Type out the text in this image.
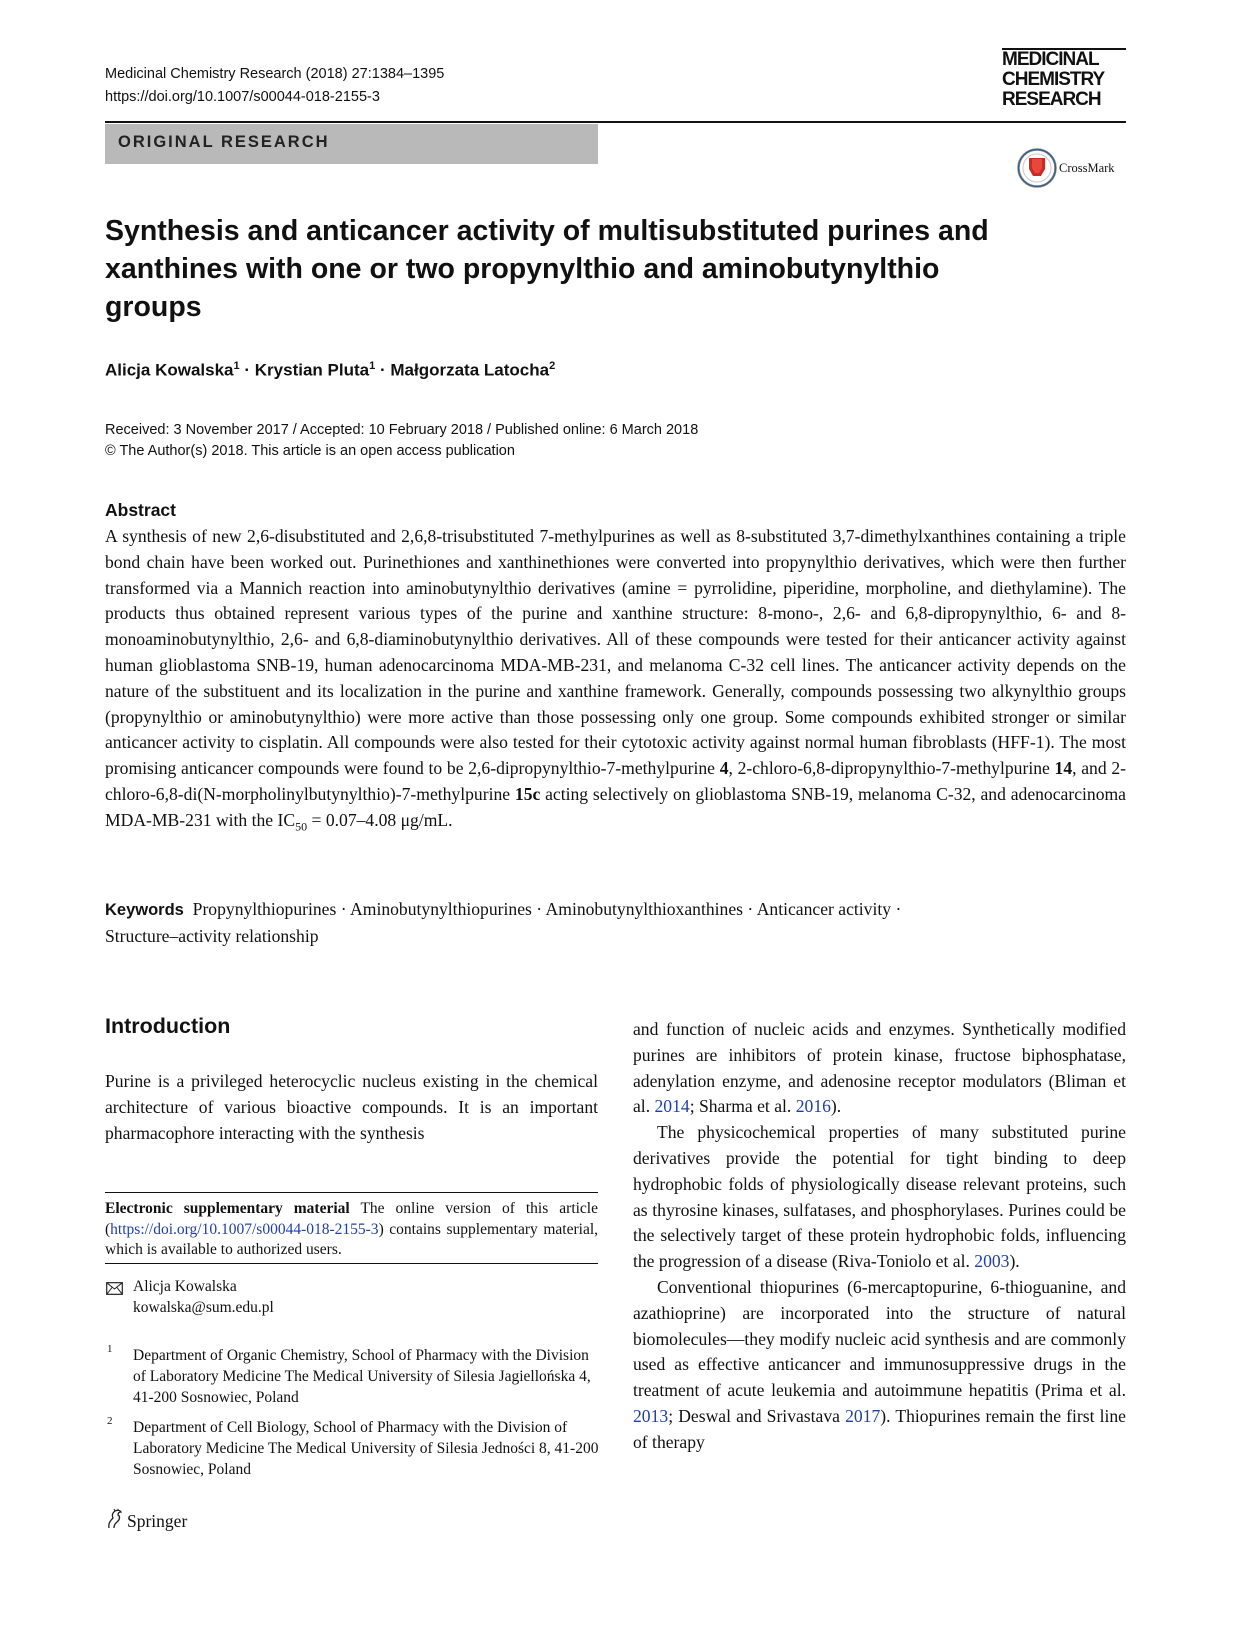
Medicinal Chemistry Research (2018) 27:1384–1395
https://doi.org/10.1007/s00044-018-2155-3
MEDICINAL
CHEMISTRY
RESEARCH
ORIGINAL RESEARCH
CrossMark
Synthesis and anticancer activity of multisubstituted purines and xanthines with one or two propynylthio and aminobutynylthio groups
Alicja Kowalska$^1$ · Krystian Pluta$^1$ · Małgorzata Latocha$^2$
Received: 3 November 2017 / Accepted: 10 February 2018 / Published online: 6 March 2018
© The Author(s) 2018. This article is an open access publication
Abstract
A synthesis of new 2,6-disubstituted and 2,6,8-trisubstituted 7-methylpurines as well as 8-substituted 3,7-dimethylxanthines containing a triple bond chain have been worked out. Purinethiones and xanthinethiones were converted into propynylthio derivatives, which were then further transformed via a Mannich reaction into aminobutynylthio derivatives (amine = pyrrolidine, piperidine, morpholine, and diethylamine). The products thus obtained represent various types of the purine and xanthine structure: 8-mono-, 2,6- and 6,8-dipropynylthio, 6- and 8-monoaminobutynylthio, 2,6- and 6,8-diaminobutynylthio derivatives. All of these compounds were tested for their anticancer activity against human glioblastoma SNB-19, human adenocarcinoma MDA-MB-231, and melanoma C-32 cell lines. The anticancer activity depends on the nature of the substituent and its localization in the purine and xanthine framework. Generally, compounds possessing two alkynylthio groups (propynylthio or aminobutynylthio) were more active than those possessing only one group. Some compounds exhibited stronger or similar anticancer activity to cisplatin. All compounds were also tested for their cytotoxic activity against normal human fibroblasts (HFF-1). The most promising anticancer compounds were found to be 2,6-dipropynylthio-7-methylpurine 4, 2-chloro-6,8-dipropynylthio-7-methylpurine 14, and 2-chloro-6,8-di(N-morpholinylbutynylthio)-7-methylpurine 15c acting selectively on glioblastoma SNB-19, melanoma C-32, and adenocarcinoma MDA-MB-231 with the $IC_{50} = 0.07-4.08$ μg/mL.
Keywords Propynylthiopurines · Aminobutynylthiopurines · Aminobutynylthioxanthines · Anticancer activity ·
Structure–activity relationship
Introduction
Purine is a privileged heterocyclic nucleus existing in the chemical architecture of various bioactive compounds. It is an important pharmacophore interacting with the synthesis

and function of nucleic acids and enzymes. Synthetically modified purines are inhibitors of protein kinase, fructose biphosphatase, adenylation enzyme, and adenosine receptor modulators (Bliman et al. 2014; Sharma et al. 2016).

The physicochemical properties of many substituted purine derivatives provide the potential for tight binding to deep hydrophobic folds of physiologically disease relevant proteins, such as thyrosine kinases, sulfatases, and phosphorylases. Purines could be the selectively target of these protein hydrophobic folds, influencing the progression of a disease (Riva-Toniolo et al. 2003).

Conventional thiopurines (6-mercaptopurine, 6-thioguanine, and azathioprine) are incorporated into the structure of natural biomolecules—they modify nucleic acid synthesis and are commonly used as effective anticancer and immunosuppressive drugs in the treatment of acute leukemia and autoimmune hepatitis (Prima et al. 2013; Deswal and Srivastava 2017). Thiopurines remain the first line of therapy

Electronic supplementary material The online version of this article (https://doi.org/10.1007/s00044-018-2155-3) contains supplementary material, which is available to authorized users.
Alicja Kowalska
kowalska@sum.edu.pl
1 Department of Organic Chemistry, School of Pharmacy with the Division of Laboratory Medicine The Medical University of Silesia Jagiellońska 4, 41-200 Sosnowiec, Poland
2 Department of Cell Biology, School of Pharmacy with the Division of Laboratory Medicine The Medical University of Silesia Jedności 8, 41-200 Sosnowiec, Poland
Springer
